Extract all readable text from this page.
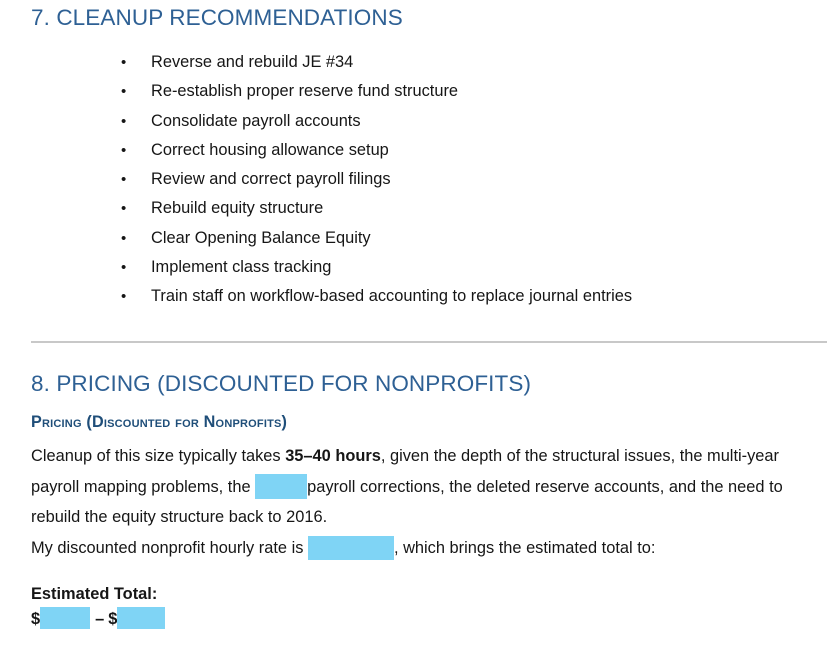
7. CLEANUP RECOMMENDATIONS
• Reverse and rebuild JE #34
• Re-establish proper reserve fund structure
• Consolidate payroll accounts
• Correct housing allowance setup
• Review and correct payroll filings
• Rebuild equity structure
• Clear Opening Balance Equity
• Implement class tracking
• Train staff on workflow-based accounting to replace journal entries
8. PRICING (DISCOUNTED FOR NONPROFITS)
Pricing (Discounted for Nonprofits)

Cleanup of this size typically takes 35–40 hours, given the depth of the structural issues, the multi-year payroll mapping problems, the	payroll corrections, the deleted reserve accounts, and the need to rebuild the equity structure back to 2016.

My discounted nonprofit hourly rate is	, which brings the estimated total to:

Estimated Total:
$	– $
